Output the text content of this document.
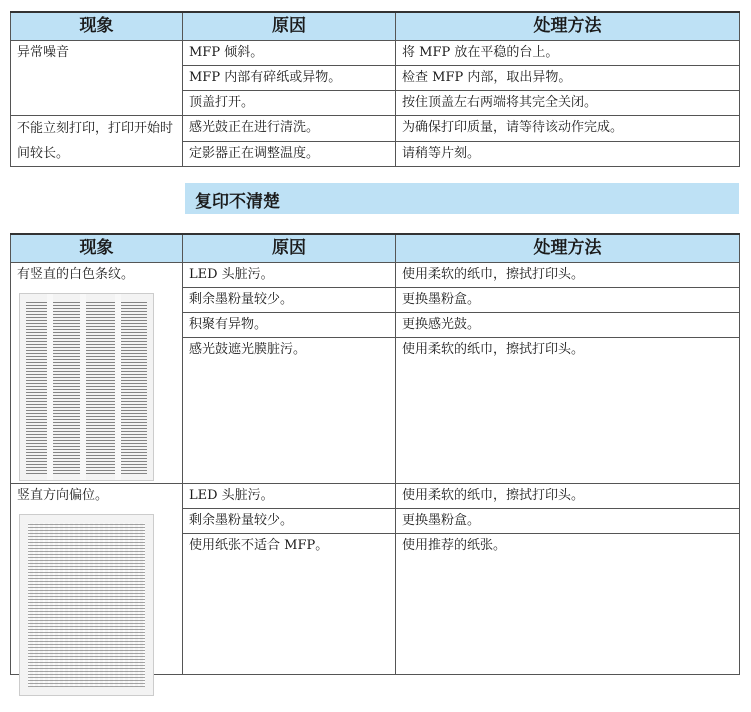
现象	原因	处理方法
异常噪音	MFP 倾斜。	将 MFP 放在平稳的台上。
	MFP 内部有碎纸或异物。	检查 MFP 内部，取出异物。
	顶盖打开。	按住顶盖左右两端将其完全关闭。
不能立刻打印，打印开始时间较长。	感光鼓正在进行清洗。	为确保打印质量，请等待该动作完成。
	定影器正在调整温度。	请稍等片刻。
复印不清楚
现象	原因	处理方法
有竖直的白色条纹。	LED 头脏污。	使用柔软的纸巾，擦拭打印头。
	剩余墨粉量较少。	更换墨粉盒。
	积聚有异物。	更换感光鼓。
	感光鼓遮光膜脏污。	使用柔软的纸巾，擦拭打印头。
竖直方向偏位。	LED 头脏污。	使用柔软的纸巾，擦拭打印头。
	剩余墨粉量较少。	更换墨粉盒。
	使用纸张不适合 MFP。	使用推荐的纸张。
